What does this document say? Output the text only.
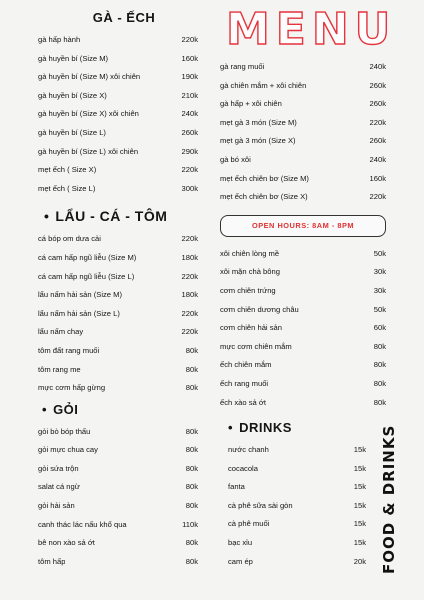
GÀ - ẾCH
gà hấp hành	220k
gà huyền bí (Size M)	160k
gà huyền bí (Size M) xôi chiên	190k
gà huyền bí (Size X)	210k
gà huyền bí (Size X) xôi chiên	240k
gà huyền bí (Size L)	260k
gà huyền bí (Size L) xôi chiên	290k
mẹt ếch ( Size X)	220k
mẹt ếch ( Size L)	300k
• LẨU - CÁ - TÔM
cá bóp om dưa cải	220k
cá cam hấp ngũ liễu (Size M)	180k
cá cam hấp ngũ liễu (Size L)	220k
lẩu nấm hải sản (Size M)	180k
lẩu nấm hải sản (Size L)	220k
lẩu nấm chay	220k
tôm đất rang muối	80k
tôm rang me	80k
mực cơm hấp gừng	80k
• GỎI
gỏi bò bóp thấu	80k
gỏi mực chua cay	80k
gỏi sứa trộn	80k
salat cá ngừ	80k
gỏi hải sản	80k
canh thác lác nấu khổ qua	110k
bê non xào sả ớt	80k
tôm hấp	80k
MENU
gà rang muối	240k
gà chiên mắm + xôi chiên	260k
gà hấp + xôi chiên	260k
mẹt gà 3 món (Size M)	220k
mẹt gà 3 món (Size X)	260k
gà bó xôi	240k
mẹt ếch chiên bơ (Size M)	160k
mẹt ếch chiên bơ (Size X)	220k
OPEN HOURS: 8AM - 8PM
xôi chiên lòng mề	50k
xôi mặn chà bông	30k
cơm chiên trứng	30k
cơm chiên dương châu	50k
cơm chiên hải sản	60k
mực cơm chiên mắm	80k
ếch chiên mắm	80k
ếch rang muối	80k
ếch xào sả ớt	80k
• DRINKS
nước chanh	15k
cocacola	15k
fanta	15k
cà phê sữa sài gòn	15k
cà phê muối	15k
bạc xỉu	15k
cam ép	20k FOOD & DRINKS
